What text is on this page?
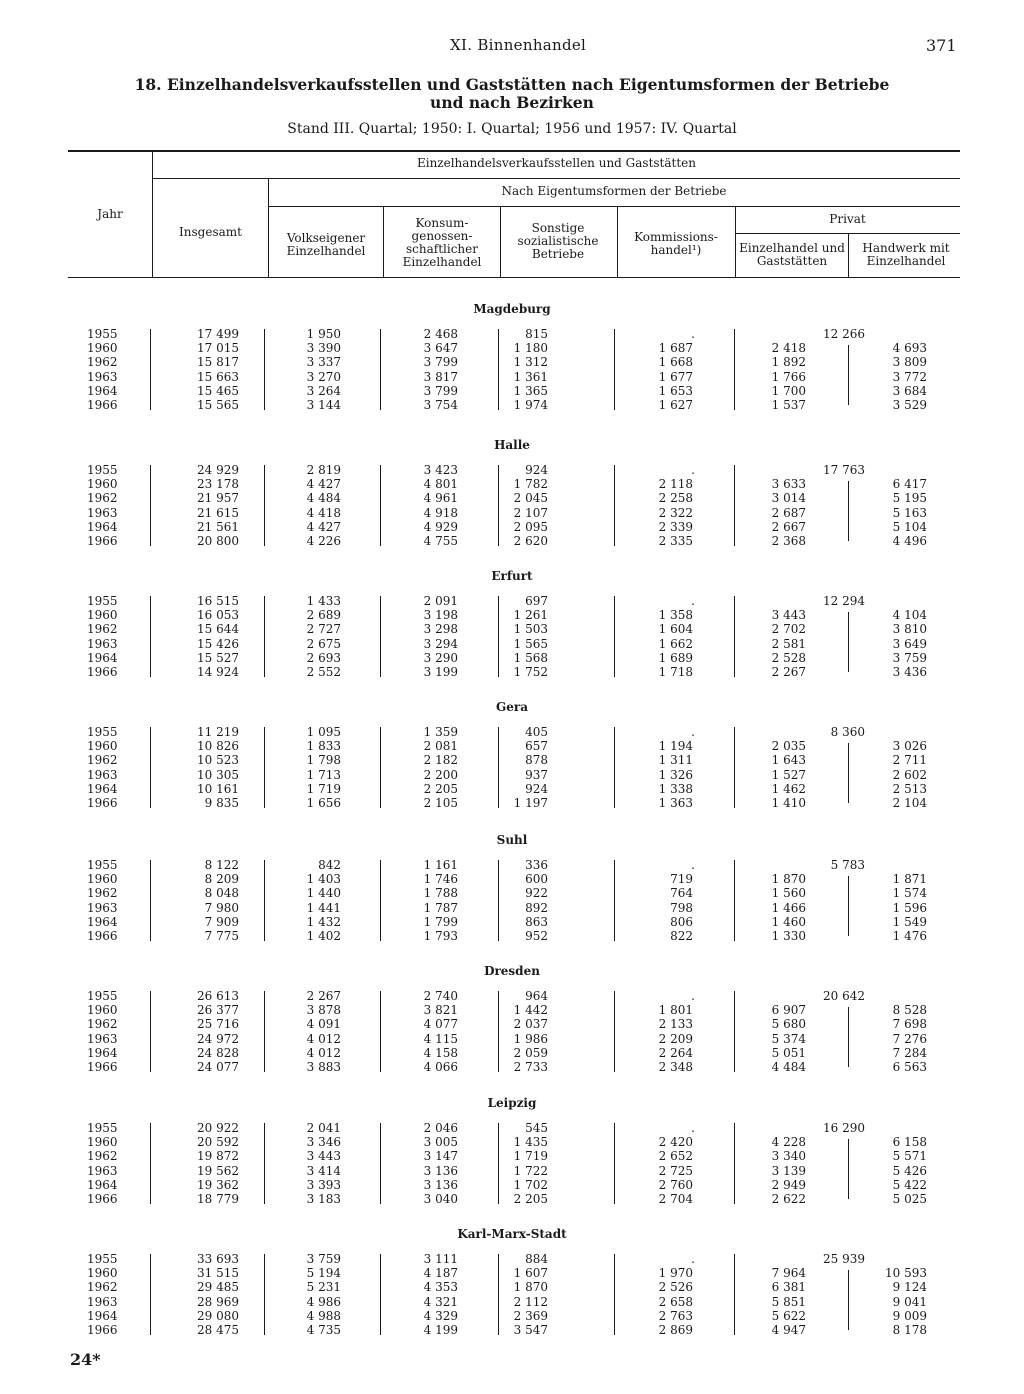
XI. Binnenhandel	371
18. Einzelhandelsverkaufsstellen und Gaststätten nach Eigentumsformen der Betriebe
und nach Bezirken
Stand III. Quartal; 1950: I. Quartal; 1956 und 1957: IV. Quartal
Jahr
Einzelhandelsverkaufsstellen und Gaststätten
Insgesamt
Nach Eigentumsformen der Betriebe
Volkseigener Einzelhandel
Konsum-genossen-schaftlicher Einzelhandel
Sonstige sozialistische Betriebe
Kommissions-handel¹)
Privat
Einzelhandel und Gaststätten
Handwerk mit Einzelhandel
Magdeburg
1955	17 499	1 950	2 468	815	.	12 266
1960	17 015	3 390	3 647	1 180	1 687	2 418	4 693
1962	15 817	3 337	3 799	1 312	1 668	1 892	3 809
1963	15 663	3 270	3 817	1 361	1 677	1 766	3 772
1964	15 465	3 264	3 799	1 365	1 653	1 700	3 684
1966	15 565	3 144	3 754	1 974	1 627	1 537	3 529
Halle
1955	24 929	2 819	3 423	924	.	17 763
1960	23 178	4 427	4 801	1 782	2 118	3 633	6 417
1962	21 957	4 484	4 961	2 045	2 258	3 014	5 195
1963	21 615	4 418	4 918	2 107	2 322	2 687	5 163
1964	21 561	4 427	4 929	2 095	2 339	2 667	5 104
1966	20 800	4 226	4 755	2 620	2 335	2 368	4 496
Erfurt
1955	16 515	1 433	2 091	697	.	12 294
1960	16 053	2 689	3 198	1 261	1 358	3 443	4 104
1962	15 644	2 727	3 298	1 503	1 604	2 702	3 810
1963	15 426	2 675	3 294	1 565	1 662	2 581	3 649
1964	15 527	2 693	3 290	1 568	1 689	2 528	3 759
1966	14 924	2 552	3 199	1 752	1 718	2 267	3 436
Gera
1955	11 219	1 095	1 359	405	.	8 360
1960	10 826	1 833	2 081	657	1 194	2 035	3 026
1962	10 523	1 798	2 182	878	1 311	1 643	2 711
1963	10 305	1 713	2 200	937	1 326	1 527	2 602
1964	10 161	1 719	2 205	924	1 338	1 462	2 513
1966	9 835	1 656	2 105	1 197	1 363	1 410	2 104
Suhl
1955	8 122	842	1 161	336	.	5 783
1960	8 209	1 403	1 746	600	719	1 870	1 871
1962	8 048	1 440	1 788	922	764	1 560	1 574
1963	7 980	1 441	1 787	892	798	1 466	1 596
1964	7 909	1 432	1 799	863	806	1 460	1 549
1966	7 775	1 402	1 793	952	822	1 330	1 476
Dresden
1955	26 613	2 267	2 740	964	.	20 642
1960	26 377	3 878	3 821	1 442	1 801	6 907	8 528
1962	25 716	4 091	4 077	2 037	2 133	5 680	7 698
1963	24 972	4 012	4 115	1 986	2 209	5 374	7 276
1964	24 828	4 012	4 158	2 059	2 264	5 051	7 284
1966	24 077	3 883	4 066	2 733	2 348	4 484	6 563
Leipzig
1955	20 922	2 041	2 046	545	.	16 290
1960	20 592	3 346	3 005	1 435	2 420	4 228	6 158
1962	19 872	3 443	3 147	1 719	2 652	3 340	5 571
1963	19 562	3 414	3 136	1 722	2 725	3 139	5 426
1964	19 362	3 393	3 136	1 702	2 760	2 949	5 422
1966	18 779	3 183	3 040	2 205	2 704	2 622	5 025
Karl-Marx-Stadt
1955	33 693	3 759	3 111	884	.	25 939
1960	31 515	5 194	4 187	1 607	1 970	7 964	10 593
1962	29 485	5 231	4 353	1 870	2 526	6 381	9 124
1963	28 969	4 986	4 321	2 112	2 658	5 851	9 041
1964	29 080	4 988	4 329	2 369	2 763	5 622	9 009
1966	28 475	4 735	4 199	3 547	2 869	4 947	8 178
24*
